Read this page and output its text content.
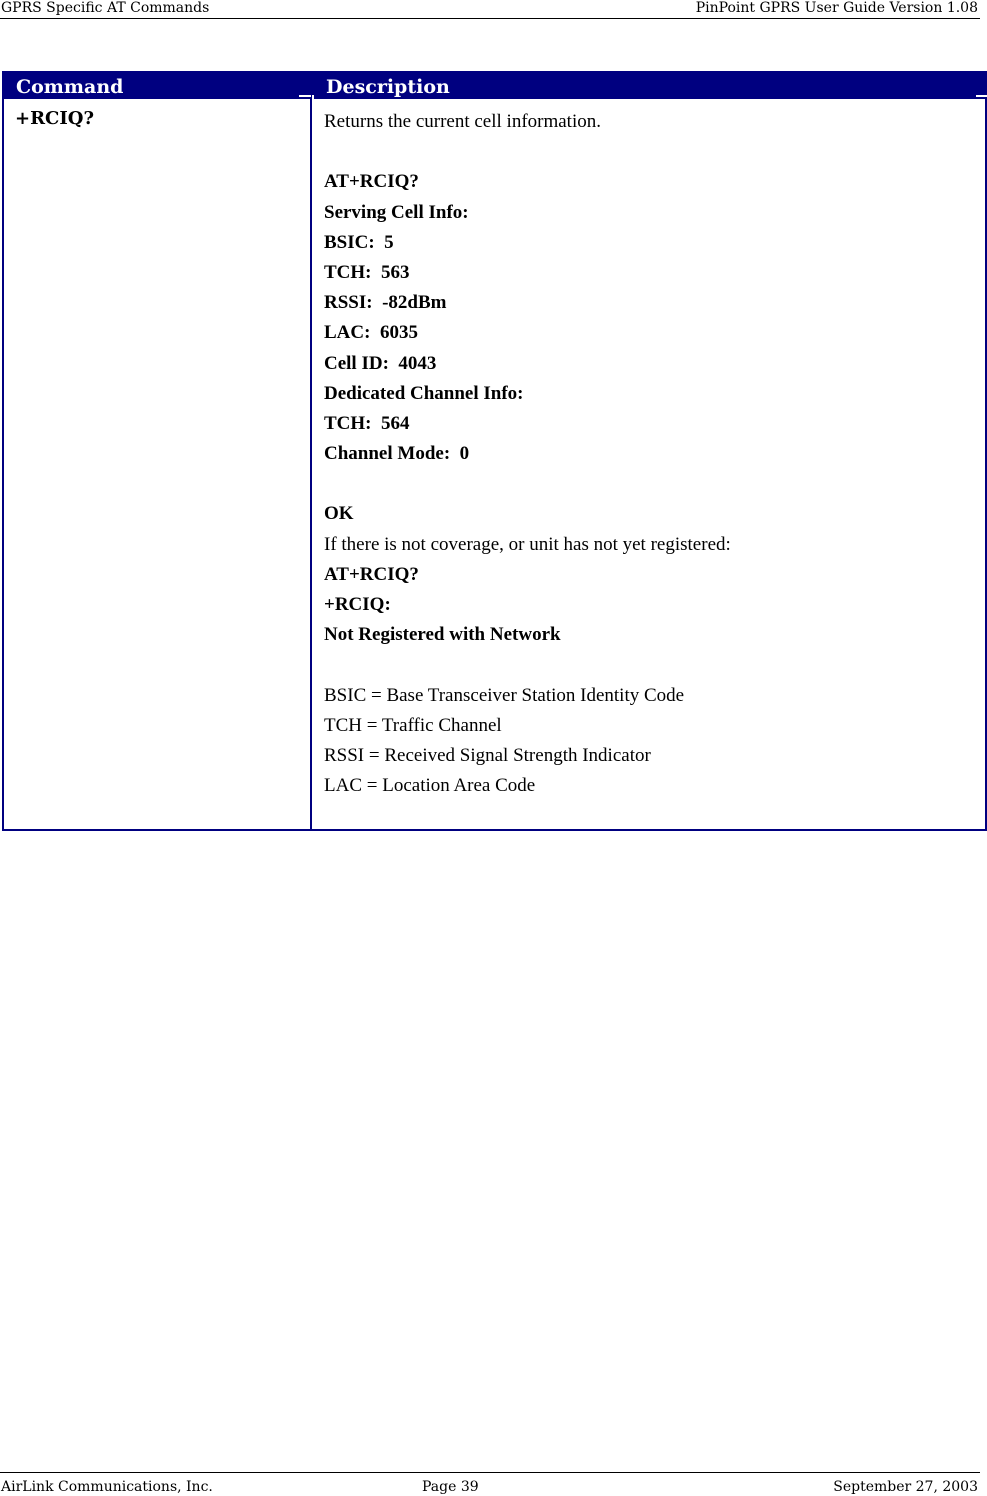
GPRS Specific AT Commands	PinPoint GPRS User Guide Version 1.08
Command	Description
+RCIQ?	Returns the current cell information.
AT+RCIQ?
Serving Cell Info:
BSIC:  5
TCH:  563
RSSI:  -82dBm
LAC:  6035
Cell ID:  4043
Dedicated Channel Info:
TCH:  564
Channel Mode:  0
OK
If there is not coverage, or unit has not yet registered:
AT+RCIQ?
+RCIQ:
Not Registered with Network
BSIC = Base Transceiver Station Identity Code
TCH = Traffic Channel
RSSI = Received Signal Strength Indicator
LAC = Location Area Code
AirLink Communications, Inc.	Page 39	September 27, 2003
